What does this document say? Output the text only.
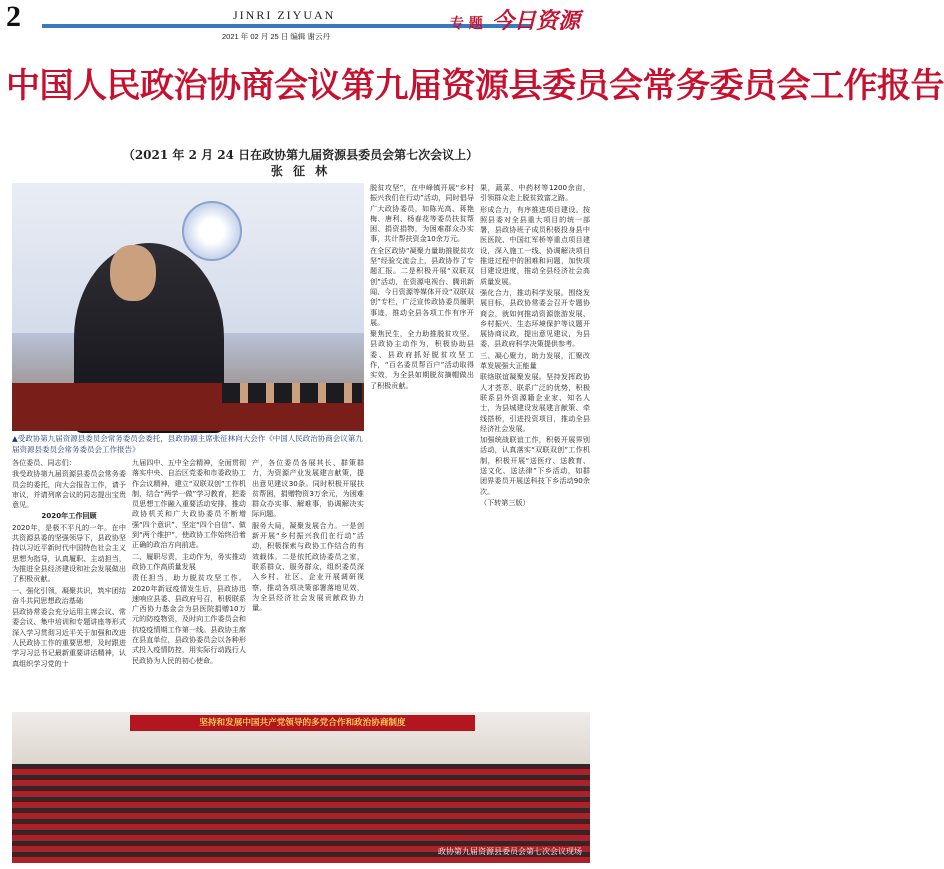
2	JINRI ZIYUAN
2021 年 02 月 25 日 编辑 谢云丹
专 题 今日资源
中国人民政治协商会议第九届资源县委员会常务委员会工作报告
（2021 年 2 月 24 日在政协第九届资源县委员会第七次会议上）
张 征 林
▲受政协第九届资源县委员会常务委员会委托，县政协副主席张征林向大会作《中国人民政治协商会议第九届资源县委员会常务委员会工作报告》

各位委员、同志们：

我受政协第九届资源县委员会常务委员会的委托，向大会报告工作，请予审议，并请列席会议的同志提出宝贵意见。

2020年工作回顾

2020年，是极不平凡的一年。在中共资源县委的坚强领导下，县政协坚持以习近平新时代中国特色社会主义思想为指导，认真履职、主动担当，为推进全县经济建设和社会发展做出了积极贡献。

一、强化引领，凝聚共识，筑牢团结奋斗共同思想政治基础

县政协常委会充分运用主席会议、常委会议、集中培训和专题讲座等形式深入学习贯彻习近平关于加强和改进人民政协工作的重要思想，及时跟进学习习总书记最新重要讲话精神，认真组织学习党的十

九届四中、五中全会精神，全面贯彻落实中央、自治区党委和市委政协工作会议精神，建立“双联双创”工作机制，结合“两学一做”学习教育，把委员思想工作融入重要活动安排，推动政协机关和广大政协委员不断增强“四个意识”、坚定“四个自信”、做到“两个维护”，使政协工作始终沿着正确的政治方向前进。

二、履职尽责，主动作为，务实推动政协工作高质量发展

责任担当，助力脱贫攻坚工作。2020年新冠疫情发生后，县政协迅速响应县委、县政府号召，积极联系广西协力基金会为县医院捐赠10万元的防疫物资，及时向工作委员会和抗疫疫情期工作第一线。县政协主席在县直单位，县政协委员会以各种形式投入疫情防控，用实际行动践行人民政协为人民的初心使命。

产，各位委员各展其长、群策群力，为资源产业发展建言献策，提出意见建议30条。同时积极开展扶贫帮困，捐赠物资3万余元，为困难群众办实事、解难事，协调解决实际问题。

服务大局，凝聚发展合力。一是创新开展“乡村振兴我们在行动”活动，积极探索与政协工作结合的有效载体。二是依托政协委员之家，联系群众、服务群众，组织委员深入乡村、社区、企业开展调研视察，推动各项决策部署落地见效，为全县经济社会发展贡献政协力量。

脱贫攻坚”，在中峰镇开展“乡村振兴我们在行动”活动，同时倡导广大政协委员，如陈光高、蒋艳梅、唐利、杨春花等委员扶贫帮困、捐资捐物，为困难群众办实事，共计帮扶资金10余万元。

在全区政协“凝聚力量助推脱贫攻坚”经验交流会上，县政协作了专题汇报。二是积极开展“双联双创”活动，在资源电视台、腾讯新闻、今日资源等媒体开设“双联双创”专栏，广泛宣传政协委员履职事迹，推动全县各项工作有序开展。

聚焦民生，全力助推脱贫攻坚。县政协主动作为，积极协助县委、县政府抓好脱贫攻坚工作，“百名委员帮百户”活动取得实效，为全县如期脱贫摘帽做出了积极贡献。

果，蔬菜、中药材等1200余亩，引领群众走上脱贫致富之路。

形成合力，有序推进项目建设。按照县委对全县重大项目的统一部署，县政协班子成员积极投身县中医医院、中国红军桥等重点项目建设，深入施工一线、协调解决项目推进过程中的困难和问题，加快项目建设进度，推动全县经济社会高质量发展。

强化合力，推动科学发展。围绕发展目标，县政协常委会召开专题协商会，就如何推动资源旅游发展、乡村振兴、生态环境保护等议题开展协商议政，提出意见建议，为县委、县政府科学决策提供参考。

三、凝心聚力，助力发展，汇聚改革发展强大正能量

联络联谊凝聚发展。坚持发挥政协人才荟萃、联系广泛的优势，积极联系县外资源籍企业家、知名人士，为县城建设发展建言献策、牵线搭桥，引进投资项目，推动全县经济社会发展。

加强统战联谊工作，积极开展界别活动，认真落实“双联双创”工作机制，积极开展“送医疗、送教育、送文化、送法律”下乡活动，如群团界委员开展送科技下乡活动90余次。

（下转第三版）

坚持和发展中国共产党领导的多党合作和政治协商制度
政协第九届资源县委员会第七次会议现场
